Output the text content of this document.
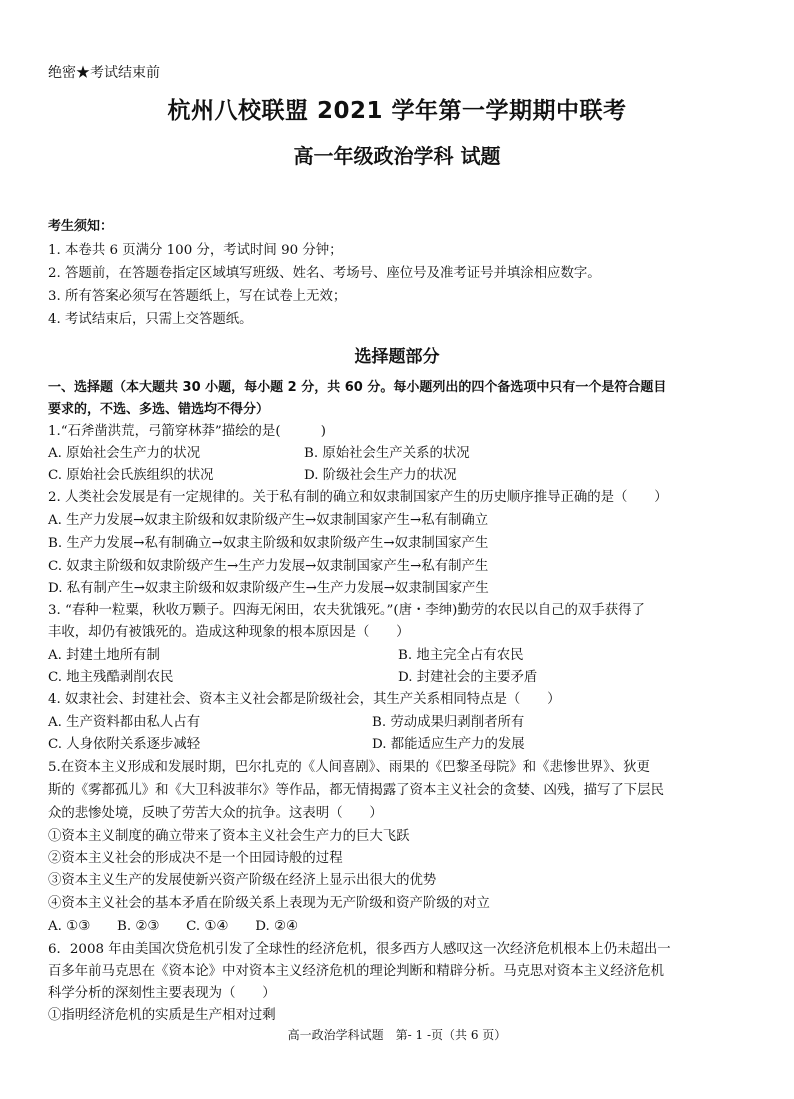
绝密★考试结束前
杭州八校联盟 2021 学年第一学期期中联考
高一年级政治学科 试题
考生须知：
1. 本卷共 6 页满分 100 分，考试时间 90 分钟；
2. 答题前，在答题卷指定区域填写班级、姓名、考场号、座位号及准考证号并填涂相应数字。
3. 所有答案必须写在答题纸上，写在试卷上无效；
4. 考试结束后，只需上交答题纸。
选择题部分
一、选择题（本大题共 30 小题，每小题 2 分，共 60 分。每小题列出的四个备选项中只有一个是符合题目
要求的，不选、多选、错选均不得分）
1.“石斧凿洪荒，弓箭穿林莽”描绘的是(　　　)
A. 原始社会生产力的状况	B. 原始社会生产关系的状况
C. 原始社会氏族组织的状况	D. 阶级社会生产力的状况
2. 人类社会发展是有一定规律的。关于私有制的确立和奴隶制国家产生的历史顺序推导正确的是（　　）
A. 生产力发展→奴隶主阶级和奴隶阶级产生→奴隶制国家产生→私有制确立
B. 生产力发展→私有制确立→奴隶主阶级和奴隶阶级产生→奴隶制国家产生
C. 奴隶主阶级和奴隶阶级产生→生产力发展→奴隶制国家产生→私有制产生
D. 私有制产生→奴隶主阶级和奴隶阶级产生→生产力发展→奴隶制国家产生
3. “春种一粒粟，秋收万颗子。四海无闲田，农夫犹饿死。”(唐・李绅)勤劳的农民以自己的双手获得了
丰收，却仍有被饿死的。造成这种现象的根本原因是（　　）
A. 封建土地所有制	B. 地主完全占有农民
C. 地主残酷剥削农民	D. 封建社会的主要矛盾
4. 奴隶社会、封建社会、资本主义社会都是阶级社会，其生产关系相同特点是（　　）
A. 生产资料都由私人占有	B. 劳动成果归剥削者所有
C. 人身依附关系逐步减轻	D. 都能适应生产力的发展
5.在资本主义形成和发展时期，巴尔扎克的《人间喜剧》、雨果的《巴黎圣母院》和《悲惨世界》、狄更
斯的《雾都孤儿》和《大卫科波菲尔》等作品，都无情揭露了资本主义社会的贪婪、凶残，描写了下层民
众的悲惨处境，反映了劳苦大众的抗争。这表明（　　）
①资本主义制度的确立带来了资本主义社会生产力的巨大飞跃
②资本主义社会的形成决不是一个田园诗般的过程
③资本主义生产的发展使新兴资产阶级在经济上显示出很大的优势
④资本主义社会的基本矛盾在阶级关系上表现为无产阶级和资产阶级的对立
A. ①③　　B. ②③　　C. ①④　　D. ②④
6．2008 年由美国次贷危机引发了全球性的经济危机，很多西方人感叹这一次经济危机根本上仍未超出一
百多年前马克思在《资本论》中对资本主义经济危机的理论判断和精辟分析。马克思对资本主义经济危机
科学分析的深刻性主要表现为（　　）
①指明经济危机的实质是生产相对过剩
高一政治学科试题　第- 1 -页（共 6 页）
